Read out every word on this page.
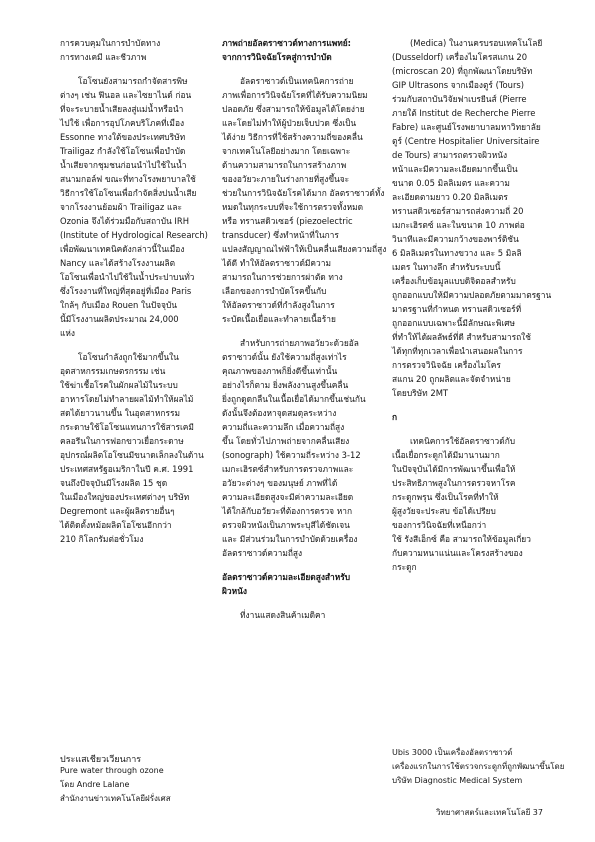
การควบคุมในการบำบัดทาง
การทางเคมี และชีวภาพ
โอโซนยังสามารถกำจัดสารพิษ
ต่างๆ เช่น ฟีนอล และไซยาไนด์ ก่อน
ที่จะระบายน้ำเสียลงสู่แม่น้ำหรือนำ
ไปใช้ เพื่อการอุปโภคบริโภคที่เมือง
Essonne ทางใต้ของประเทศบริษัท
Trailigaz กำลังใช้โอโซนเพื่อบำบัด
น้ำเสียจากชุมชนก่อนนำไปใช้ในน้ำ
สนามกอล์ฟ ขณะที่ทางโรงพยาบาลใช้
วิธีการใช้โอโซนเพื่อกำจัดสิ่งปนน้ำเสีย
จากโรงงานย้อมผ้า Trailigaz และ
Ozonia จึงได้ร่วมมือกับสถาบัน IRH
(Institute of Hydrological Research)
เพื่อพัฒนาเทคนิคดังกล่าวนี้ในเมือง
Nancy และได้สร้างโรงงานผลิต
โอโซนเพื่อนำไปใช้ในน้ำประปาบนทั่ว
ซึ่งโรงงานที่ใหญ่ที่สุดอยู่ที่เมือง Paris
ใกล้ๆ กับเมือง Rouen ในปัจจุบัน
นี้มีโรงงานผลิตประมาณ 24,000
แห่ง
โอโซนกำลังถูกใช้มากขึ้นใน
อุตสาหกรรมเกษตรกรรม เช่น
ใช้ฆ่าเชื้อโรคในผักผลไม้ในระบบ
อาหารโดยไม่ทำลายผลไม้ทำให้ผลไม้
สดได้ยาวนานขึ้น ในอุตสาหกรรม
กระดาษใช้โอโซนแทนการใช้สารเคมี
คลอรีนในการฟอกขาวเยื่อกระดาษ
อุปกรณ์ผลิตโอโซนมีขนาดเล็กลงในด้าน
ประเทศสหรัฐอเมริกาในปี ค.ศ. 1991
จนถึงปัจจุบันมีโรงผลิต 15 ชุด
ในเมืองใหญ่ของประเทศต่างๆ บริษัท
Degremont และผู้ผลิตรายอื่นๆ
ได้ติดตั้งหม้อผลิตโอโซนอีกกว่า
210 กิโลกรัมต่อชั่วโมง
ภาพถ่ายอัลตราซาวด์ทางการแพทย์:
จากการวินิจฉัยโรคสู่การบำบัด
อัลตราซาวด์เป็นเทคนิคการถ่าย
ภาพเพื่อการวินิจฉัยโรคที่ได้รับความนิยม
ปลอดภัย ซึ่งสามารถให้ข้อมูลได้โดยง่าย
และโดยไม่ทำให้ผู้ป่วยเจ็บปวด ซึ่งเป็น
ได้ง่าย วิธีการที่ใช้สร้างความถี่ของคลื่น
จากเทคโนโลยีอย่างมาก โดยเฉพาะ
ด้านความสามารถในการสร้างภาพ
ของอวัยวะภายในร่างกายที่สูงขึ้นจะ
ช่วยในการวินิจฉัยโรคได้มาก อัลตราซาวด์ทั้ง
หมดในทุกระบบที่จะใช้การตรวจทั้งหมด
หรือ ทรานสดิวเซอร์ (piezoelectric
transducer) ซึ่งทำหน้าที่ในการ
แปลงสัญญาณไฟฟ้าให้เป็นคลื่นเสียงความถี่สูง
ได้ดี ทำให้อัลตราซาวด์มีความ
สามารถในการช่วยการผ่าตัด ทาง
เลือกของการบำบัดโรคขึ้นกับ
ให้อัลตราซาวด์ที่กำลังสูงในการ
ระบัดเนื้อเยื่อและทำลายเนื้อร้าย
สำหรับการถ่ายภาพอวัยวะด้วยอัล
ตราซาวด์นั้น ยังใช้ความถี่สูงเท่าไร
คุณภาพของภาพก็ยิ่งดีขึ้นเท่านั้น
อย่างไรก็ตาม ยิ่งพลังงานสูงขึ้นคลื่น
ยิ่งถูกดูดกลืนในเนื้อเยื่อได้มากขึ้นเช่นกัน
ดังนั้นจึงต้องหาจุดสมดุลระหว่าง
ความถี่และความลึก เมื่อความถี่สูง
ขึ้น โดยทั่วไปภาพถ่ายจากคลื่นเสียง
(sonograph) ใช้ความถี่ระหว่าง 3-12
เมกะเฮิรตซ์สำหรับการตรวจภาพและ
อวัยวะต่างๆ ของมนุษย์ ภาพที่ได้
ความละเอียดสูงจะมีค่าความละเอียด
ได้ใกล้กับอวัยวะที่ต้องการตรวจ หาก
ตรวจผิวหนังเป็นภาพระบุสีได้ชัดเจน
และ มีส่วนร่วมในการบำบัดด้วยเครื่อง
อัลตราซาวด์ความถี่สูง
อัลตราซาวด์ความละเอียดสูงสำหรับ
ผิวหนัง
ที่งานแสดงสินค้าเมดิคา
(Medica) ในงานครบรอบเทคโนโลยี
(Dusseldorf) เครื่องไมโครสแกน 20
(microscan 20) ที่ถูกพัฒนาโดยบริษัท
GIP Ultrasons จากเมืองตูร์ (Tours)
ร่วมกับสถาบันวิจัยฟาเบรยีนส์ (Pierre
ภายใต้ Institut de Recherche Pierre
Fabre) และศูนย์โรงพยาบาลมหาวิทยาลัย
ตูร์ (Centre Hospitalier Universitaire
de Tours) สามารถตรวจผิวหนัง
หน้าและมีความละเอียดมากขึ้นเป็น
ขนาด 0.05 มิลลิเมตร และความ
ละเอียดตามยาว 0.20 มิลลิเมตร
ทรานสดิวเซอร์สามารถส่งความถี่ 20
เมกะเฮิรตซ์ และในขนาด 10 ภาพต่อ
วินาทีและมีความกว้างของพาร์ติชัน
6 มิลลิเมตรในทางขวาง และ 5 มิลลิ
เมตร ในทางลึก สำหรับระบบนี้
เครื่องเก็บข้อมูลแบบดิจิตอลสำหรับ
ถูกออกแบบให้มีความปลอดภัยตามมาตรฐาน
มาตรฐานที่กำหนด ทรานสดิวเซอร์ที่
ถูกออกแบบเฉพาะนี้มีลักษณะพิเศษ
ที่ทำให้ได้ผลลัพธ์ที่ดี สำหรับสามารถใช้
ได้ทุกที่ทุกเวลาเพื่อนำเสนอผลในการ
การตรวจวินิจฉัย เครื่องไมโคร
สแกน 20 ถูกผลิตและจัดจำหน่าย
โดยบริษัท 2MT
ก
เทคนิคการใช้อัลตราซาวด์กับ
เนื้อเยื่อกระดูกได้มีมานานมาก
ในปัจจุบันได้มีการพัฒนาขึ้นเพื่อให้
ประสิทธิภาพสูงในการตรวจหาโรค
กระดูกพรุน ซึ่งเป็นโรคที่ทำให้
ผู้สูงวัยจะประสบ ข้อได้เปรียบ
ของการวินิจฉัยที่เหนือกว่า
ใช้ รังสีเอ็กซ์ คือ สามารถให้ข้อมูลเกี่ยว
กับความหนาแน่นและโครงสร้างของ
กระดูก
ประแสเชียวเวียนการ
Pure water through ozone
โดย Andre Lalane
สำนักงานข่าวเทคโนโลยีฝรั่งเศส
Ubis 3000 เป็นเครื่องอัลตราซาวด์
เครื่องแรกในการใช้ตรวจกระดูกที่ถูกพัฒนาขึ้นโดย
บริษัท Diagnostic Medical System
วิทยาศาสตร์และเทคโนโลยี 37
